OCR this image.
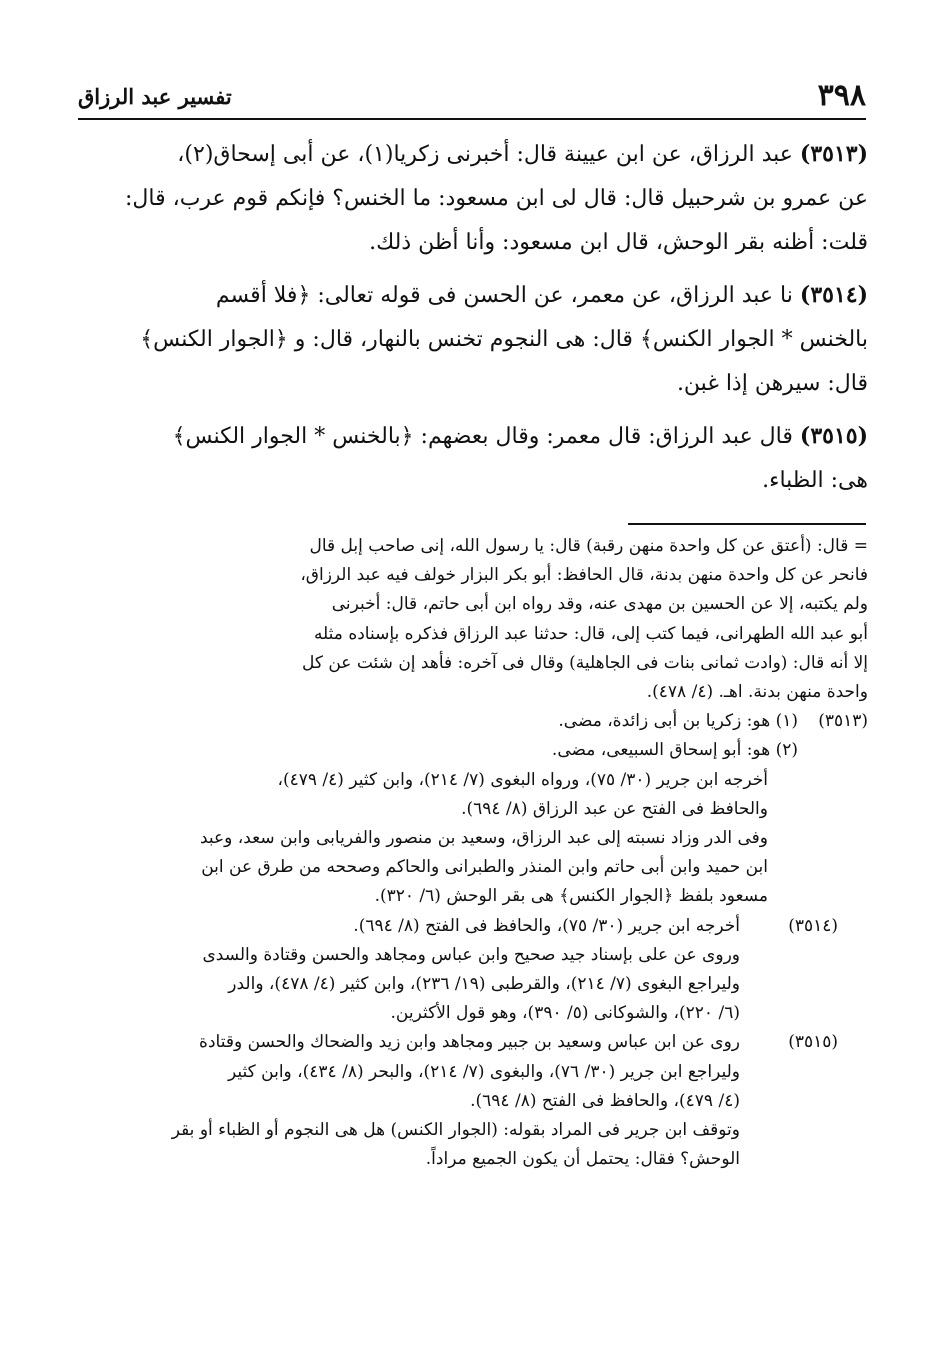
٣٩٨
تفسير عبد الرزاق

(٣٥١٣) عبد الرزاق، عن ابن عيينة قال: أخبرنى زكريا(١)، عن أبى إسحاق(٢)،

عن عمرو بن شرحبيل قال: قال لى ابن مسعود: ما الخنس؟ فإنكم قوم عرب، قال:

قلت: أظنه بقر الوحش، قال ابن مسعود: وأنا أظن ذلك.

(٣٥١٤) نا عبد الرزاق، عن معمر، عن الحسن فى قوله تعالى: ﴿فلا أقسم

بالخنس * الجوار الكنس﴾ قال: هى النجوم تخنس بالنهار، قال: و ﴿الجوار الكنس﴾

قال: سيرهن إذا غبن.

(٣٥١٥) قال عبد الرزاق: قال معمر: وقال بعضهم: ﴿بالخنس * الجوار الكنس﴾

هى: الظباء.

= قال: (أعتق عن كل واحدة منهن رقبة) قال: يا رسول الله، إنى صاحب إبل قال

فانحر عن كل واحدة منهن بدنة، قال الحافظ: أبو بكر البزار خولف فيه عبد الرزاق،

ولم يكتبه، إلا عن الحسين بن مهدى عنه، وقد رواه ابن أبى حاتم، قال: أخبرنى

أبو عبد الله الطهرانى، فيما كتب إلى، قال: حدثنا عبد الرزاق فذكره بإسناده مثله

إلا أنه قال: (وادت ثمانى بنات فى الجاهلية) وقال فى آخره: فأهد إن شئت عن كل

واحدة منهن بدنة. اهـ. (٤/ ٤٧٨).

(٣٥١٣)

(١) هو: زكريا بن أبى زائدة، مضى.

(٢) هو: أبو إسحاق السبيعى، مضى.

أخرجه ابن جرير (٣٠/ ٧٥)، ورواه البغوى (٧/ ٢١٤)، وابن كثير (٤/ ٤٧٩)،

والحافظ فى الفتح عن عبد الرزاق (٨/ ٦٩٤).

وفى الدر وزاد نسبته إلى عبد الرزاق، وسعيد بن منصور والفريابى وابن سعد، وعبد

ابن حميد وابن أبى حاتم وابن المنذر والطبرانى والحاكم وصححه من طرق عن ابن

مسعود بلفظ ﴿الجوار الكنس﴾ هى بقر الوحش (٦/ ٣٢٠).

(٣٥١٤)

أخرجه ابن جرير (٣٠/ ٧٥)، والحافظ فى الفتح (٨/ ٦٩٤).

وروى عن على بإسناد جيد صحيح وابن عباس ومجاهد والحسن وقتادة والسدى

وليراجع البغوى (٧/ ٢١٤)، والقرطبى (١٩/ ٢٣٦)، وابن كثير (٤/ ٤٧٨)، والدر

(٦/ ٢٢٠)، والشوكانى (٥/ ٣٩٠)، وهو قول الأكثرين.

(٣٥١٥)

روى عن ابن عباس وسعيد بن جبير ومجاهد وابن زيد والضحاك والحسن وقتادة

وليراجع ابن جرير (٣٠/ ٧٦)، والبغوى (٧/ ٢١٤)، والبحر (٨/ ٤٣٤)، وابن كثير

(٤/ ٤٧٩)، والحافظ فى الفتح (٨/ ٦٩٤).

وتوقف ابن جرير فى المراد بقوله: (الجوار الكنس) هل هى النجوم أو الظباء أو بقر

الوحش؟ فقال: يحتمل أن يكون الجميع مراداً.
